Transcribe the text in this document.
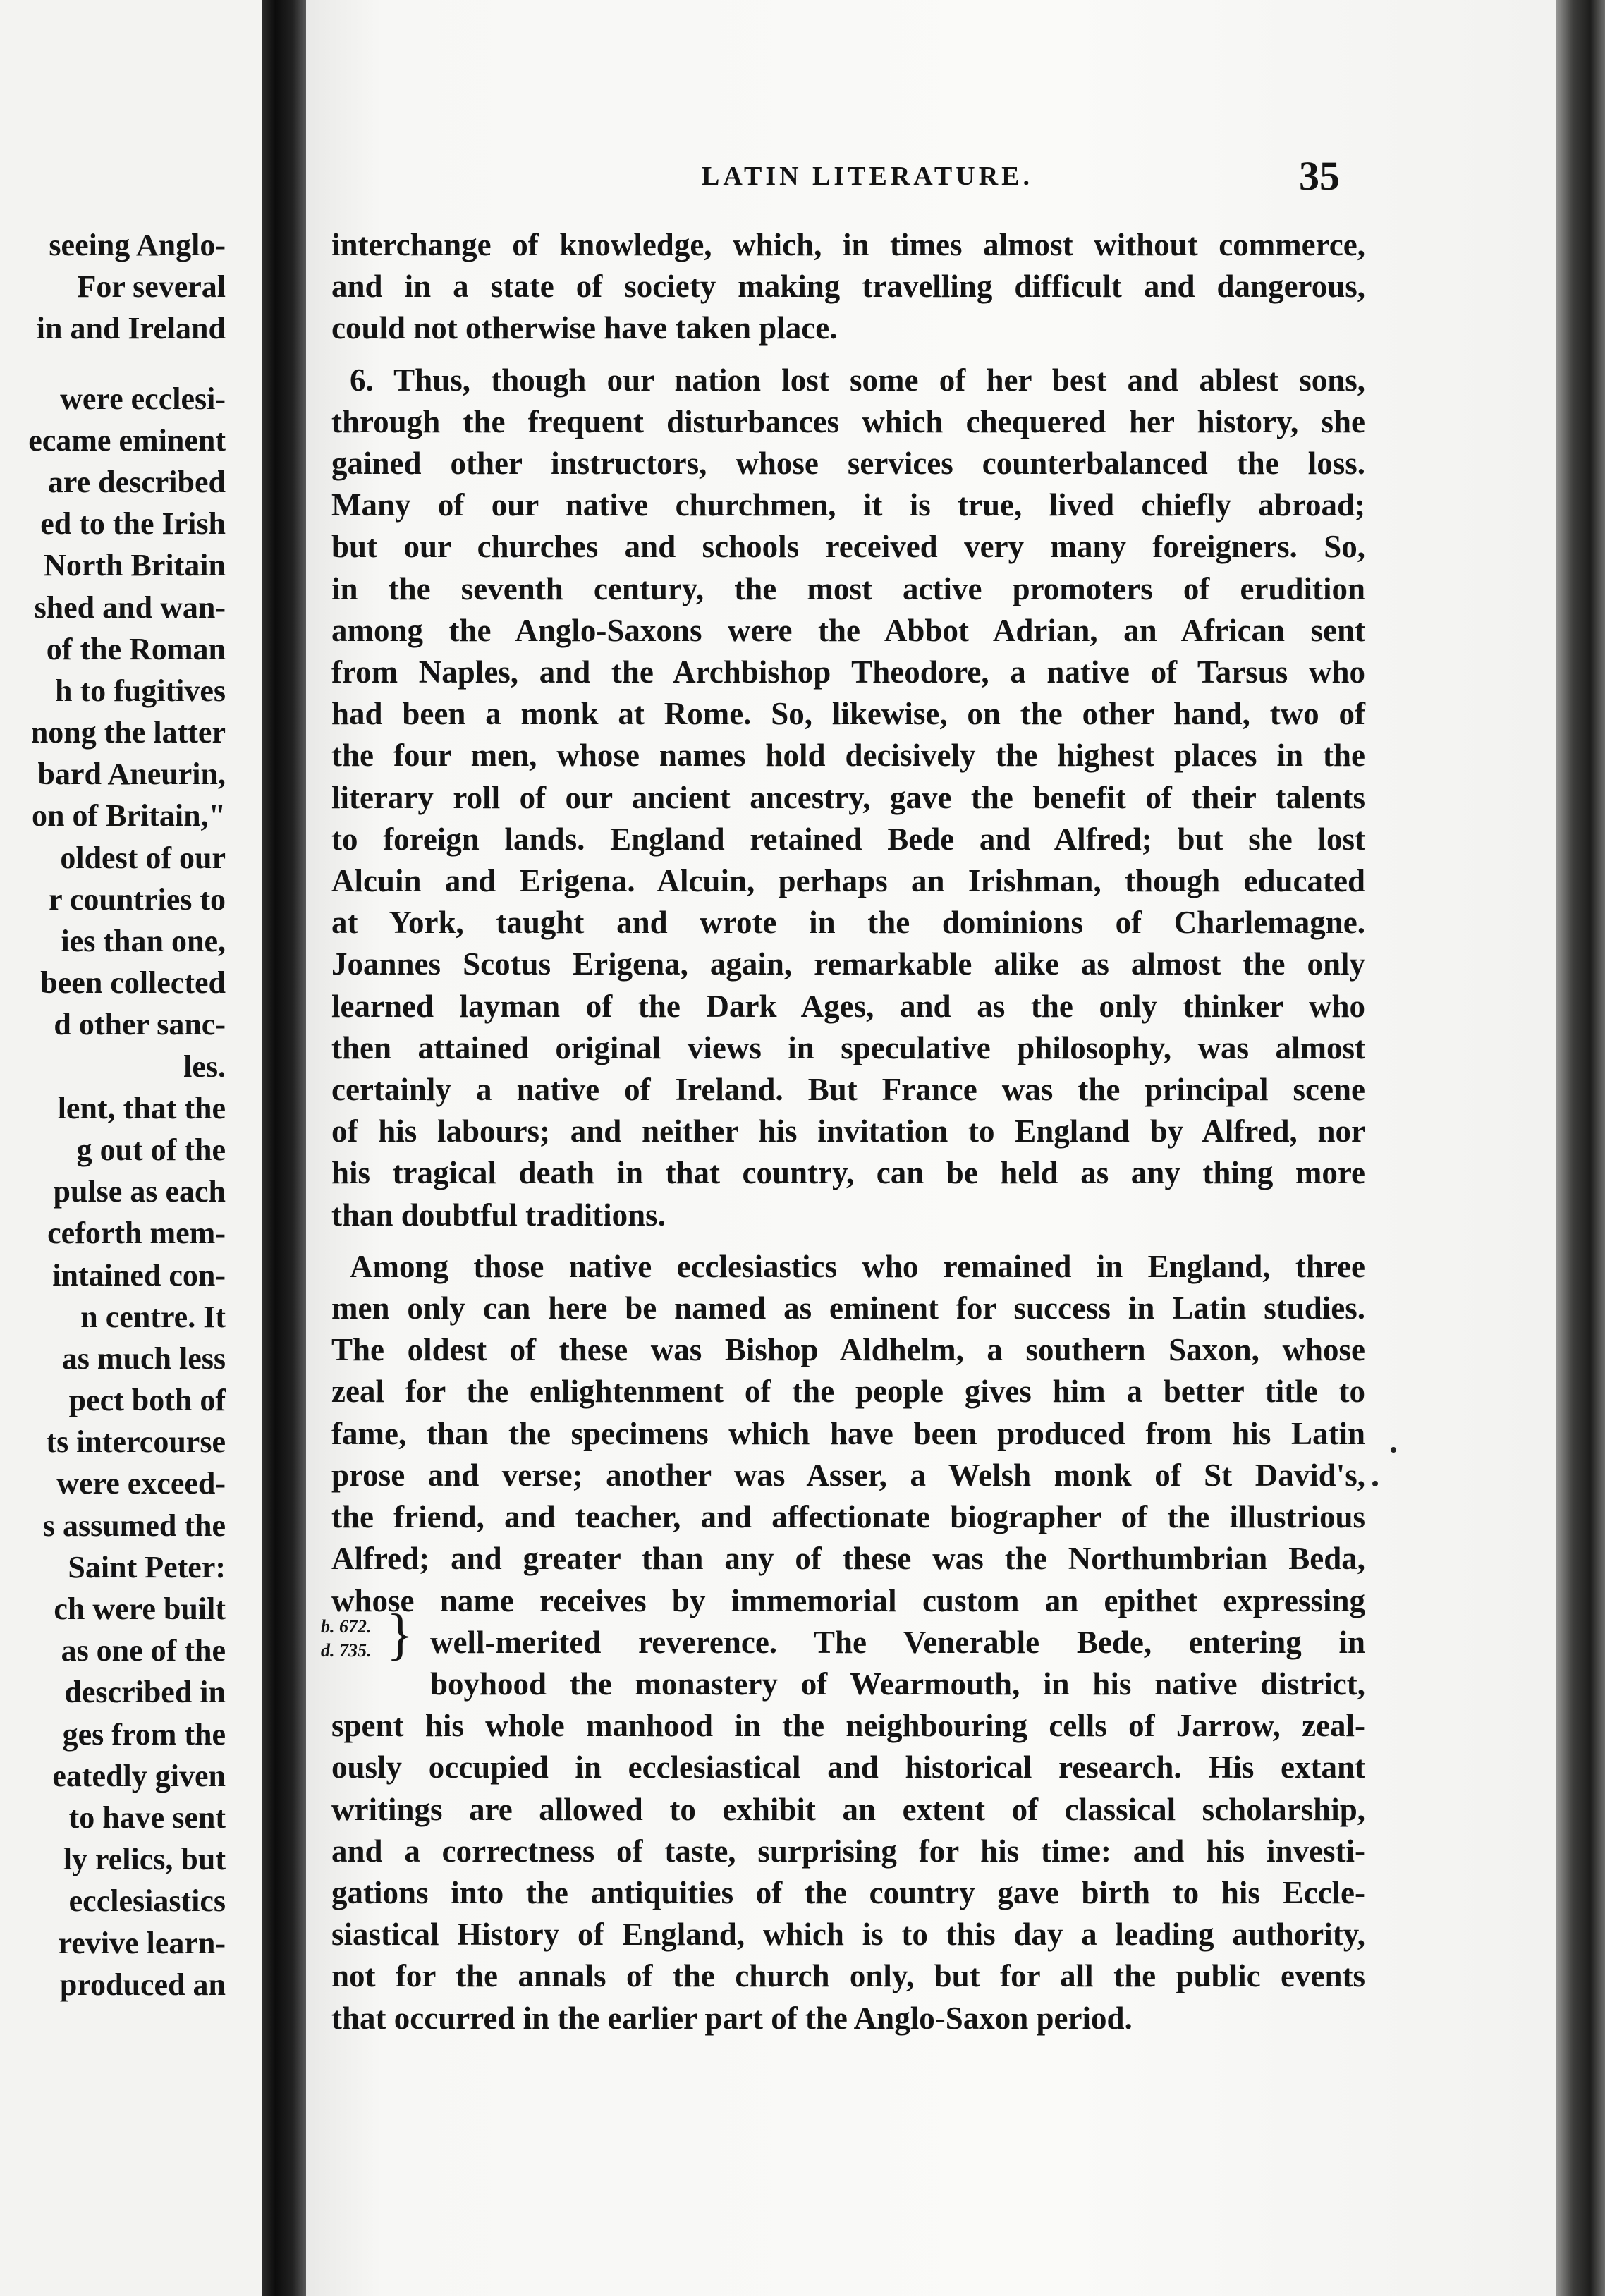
seeing Anglo-
For several
in and Ireland
were ecclesi-
ecame eminent
are described
ed to the Irish
North Britain
shed and wan-
of the Roman
h to fugitives
nong the latter
bard Aneurin,
on of Britain,"
oldest of our
r countries to
ies than one,
been collected
d other sanc-
les.
lent, that the
g out of the
pulse as each
ceforth mem-
intained con-
n centre. It
as much less
pect both of
ts intercourse
were exceed-
s assumed the
Saint Peter:
ch were built
as one of the
described in
ges from the
eatedly given
to have sent
ly relics, but
ecclesiastics
revive learn-
produced an
LATIN LITERATURE.	35
interchange of knowledge, which, in times almost without commerce,
and in a state of society making travelling difficult and dangerous,
could not otherwise have taken place.
6. Thus, though our nation lost some of her best and ablest sons,
through the frequent disturbances which chequered her history, she
gained other instructors, whose services counterbalanced the loss.
Many of our native churchmen, it is true, lived chiefly abroad;
but our churches and schools received very many foreigners. So,
in the seventh century, the most active promoters of erudition
among the Anglo-Saxons were the Abbot Adrian, an African sent
from Naples, and the Archbishop Theodore, a native of Tarsus who
had been a monk at Rome. So, likewise, on the other hand, two of
the four men, whose names hold decisively the highest places in the
literary roll of our ancient ancestry, gave the benefit of their talents
to foreign lands. England retained Bede and Alfred; but she lost
Alcuin and Erigena. Alcuin, perhaps an Irishman, though educated
at York, taught and wrote in the dominions of Charlemagne.
Joannes Scotus Erigena, again, remarkable alike as almost the only
learned layman of the Dark Ages, and as the only thinker who
then attained original views in speculative philosophy, was almost
certainly a native of Ireland. But France was the principal scene
of his labours; and neither his invitation to England by Alfred, nor
his tragical death in that country, can be held as any thing more
than doubtful traditions.
Among those native ecclesiastics who remained in England, three
men only can here be named as eminent for success in Latin studies.
The oldest of these was Bishop Aldhelm, a southern Saxon, whose
zeal for the enlightenment of the people gives him a better title to
fame, than the specimens which have been produced from his Latin
prose and verse; another was Asser, a Welsh monk of St David's,
the friend, and teacher, and affectionate biographer of the illustrious
Alfred; and greater than any of these was the Northumbrian Beda,
whose name receives by immemorial custom an epithet expressing
well-merited reverence. The Venerable Bede, entering in
boyhood the monastery of Wearmouth, in his native district,
spent his whole manhood in the neighbouring cells of Jarrow, zeal-
ously occupied in ecclesiastical and historical research. His extant
writings are allowed to exhibit an extent of classical scholarship,
and a correctness of taste, surprising for his time: and his investi-
gations into the antiquities of the country gave birth to his Eccle-
siastical History of England, which is to this day a leading authority,
not for the annals of the church only, but for all the public events
that occurred in the earlier part of the Anglo-Saxon period.
b. 672.
d. 735. }
